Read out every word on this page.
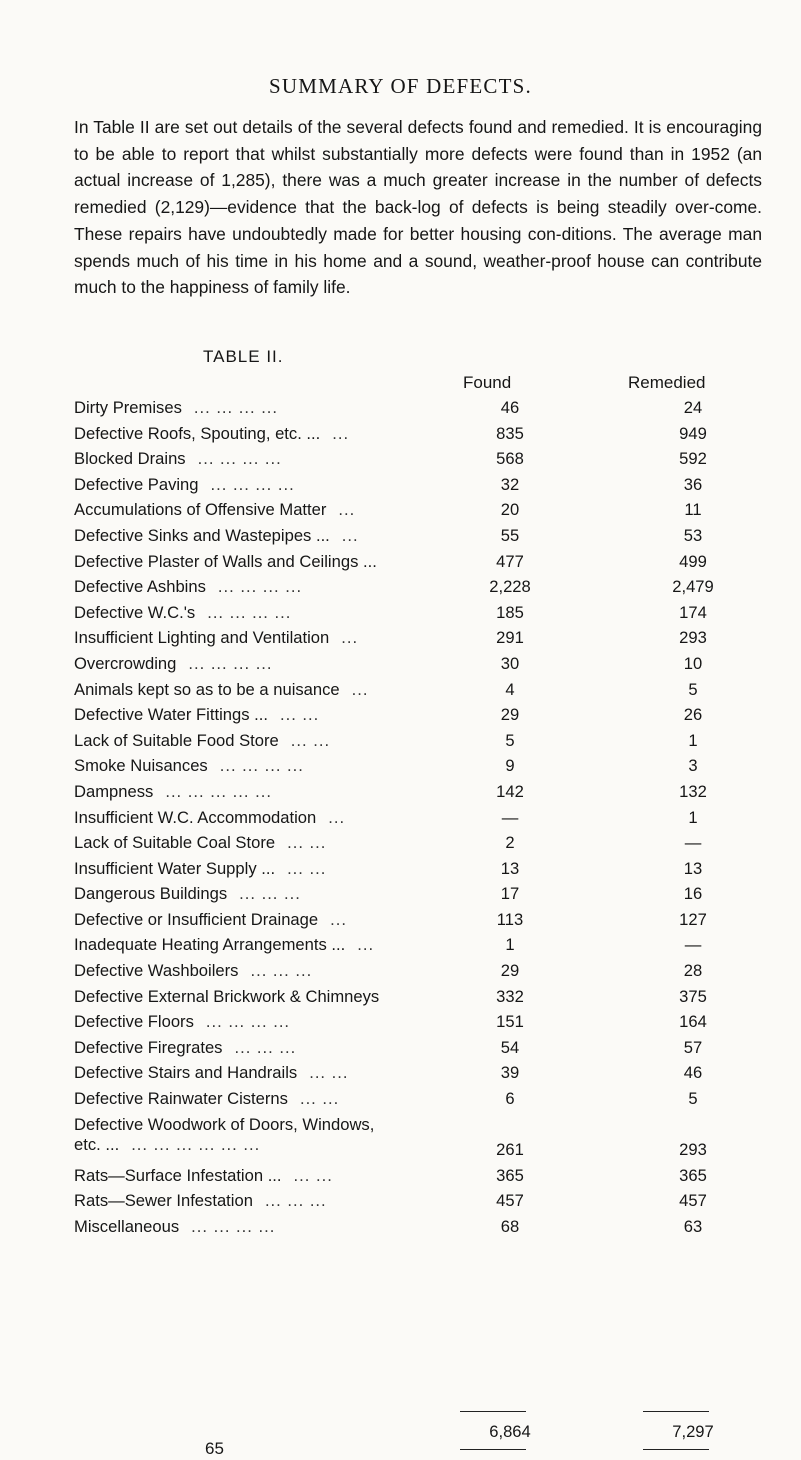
SUMMARY OF DEFECTS.

In Table II are set out details of the several defects found and remedied. It is encouraging to be able to report that whilst substantially more defects were found than in 1952 (an actual increase of 1,285), there was a much greater increase in the number of defects remedied (2,129)—evidence that the back-log of defects is being steadily over-come. These repairs have undoubtedly made for better housing con-ditions. The average man spends much of his time in his home and a sound, weather-proof house can contribute much to the happiness of family life.

TABLE II.
Found	Remedied
Dirty Premises ... ... ... ...	46	24
Defective Roofs, Spouting, etc. ... ...	835	949
Blocked Drains ... ... ... ...	568	592
Defective Paving ... ... ... ...	32	36
Accumulations of Offensive Matter ...	20	11
Defective Sinks and Wastepipes ... ...	55	53
Defective Plaster of Walls and Ceilings ...	477	499
Defective Ashbins ... ... ... ...	2,228	2,479
Defective W.C.'s ... ... ... ...	185	174
Insufficient Lighting and Ventilation ...	291	293
Overcrowding ... ... ... ...	30	10
Animals kept so as to be a nuisance ...	4	5
Defective Water Fittings ... ... ...	29	26
Lack of Suitable Food Store ... ...	5	1
Smoke Nuisances ... ... ... ...	9	3
Dampness ... ... ... ... ...	142	132
Insufficient W.C. Accommodation ...	—	1
Lack of Suitable Coal Store ... ...	2	—
Insufficient Water Supply ... ... ...	13	13
Dangerous Buildings ... ... ...	17	16
Defective or Insufficient Drainage ...	113	127
Inadequate Heating Arrangements ... ...	1	—
Defective Washboilers ... ... ...	29	28
Defective External Brickwork & Chimneys	332	375
Defective Floors ... ... ... ...	151	164
Defective Firegrates ... ... ...	54	57
Defective Stairs and Handrails ... ...	39	46
Defective Rainwater Cisterns ... ...	6	5
Defective Woodwork of Doors, Windows,
etc. ... ... ... ... ... ... ...	261	293
Rats—Surface Infestation ... ... ...	365	365
Rats—Sewer Infestation ... ... ...	457	457
Miscellaneous ... ... ... ...	68	63
6,864	7,297
65
